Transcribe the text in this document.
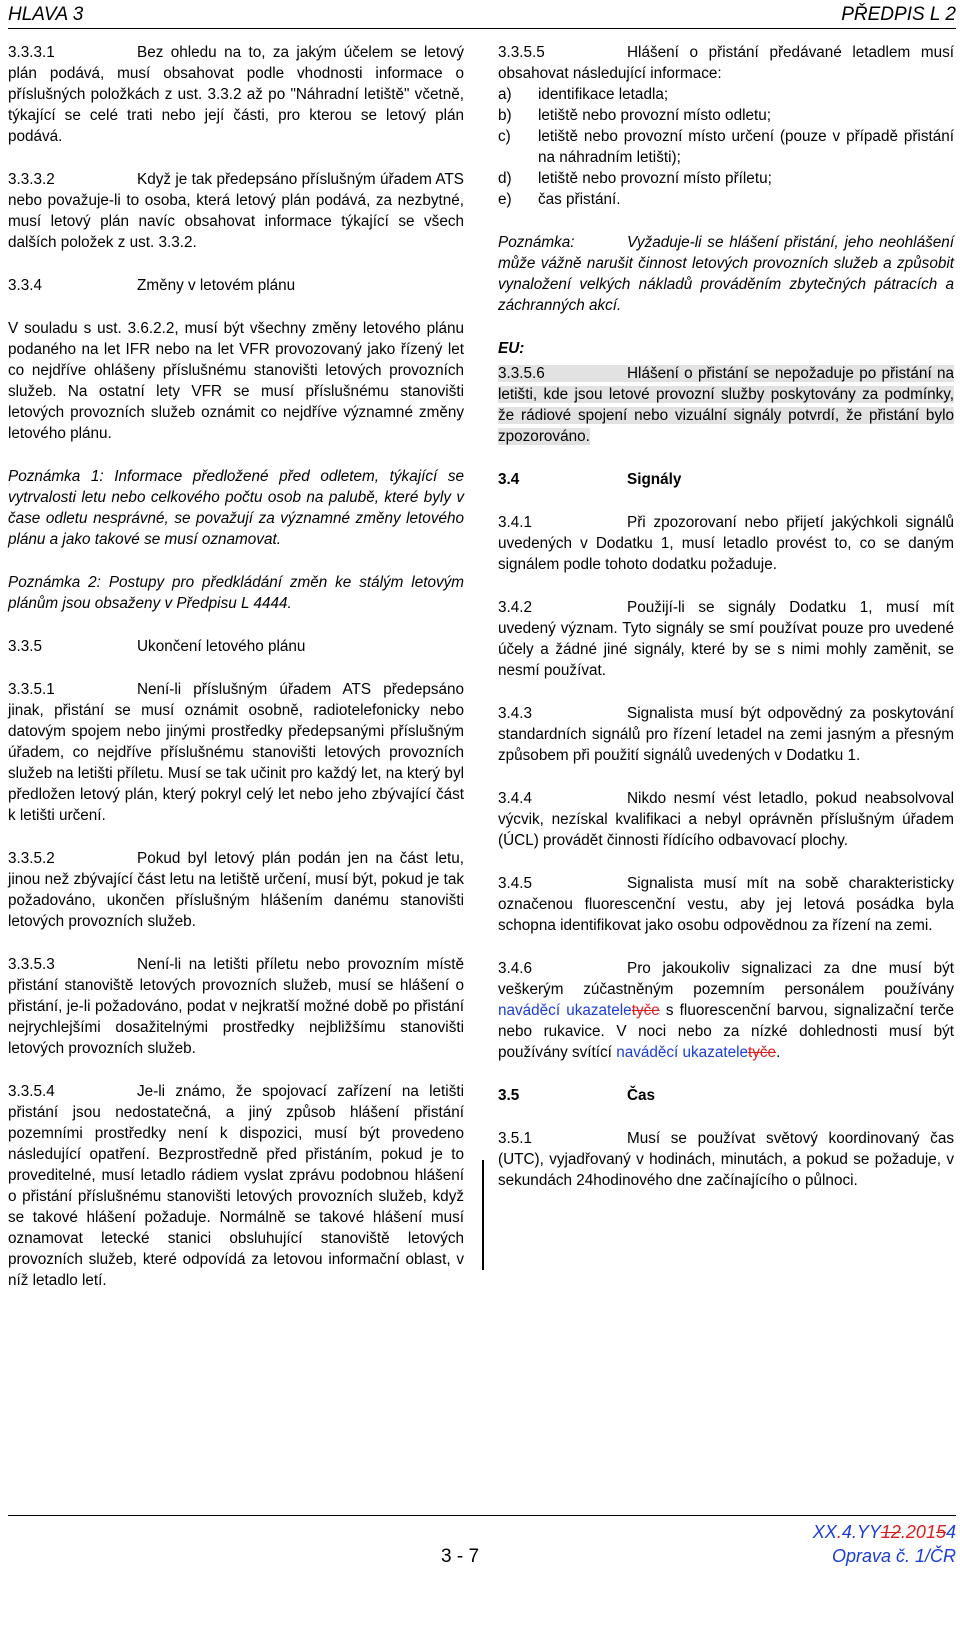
HLAVA 3	PŘEDPIS L 2

3.3.3.1	Bez ohledu na to, za jakým účelem se letový plán podává, musí obsahovat podle vhodnosti informace o příslušných položkách z ust. 3.3.2 až po "Náhradní letiště" včetně, týkající se celé trati nebo její části, pro kterou se letový plán podává.

3.3.3.2	Když je tak předepsáno příslušným úřadem ATS nebo považuje-li to osoba, která letový plán podává, za nezbytné, musí letový plán navíc obsahovat informace týkající se všech dalších položek z ust. 3.3.2.

3.3.4	Změny v letovém plánu

V souladu s ust. 3.6.2.2, musí být všechny změny letového plánu podaného na let IFR nebo na let VFR provozovaný jako řízený let co nejdříve ohlášeny příslušnému stanovišti letových provozních služeb. Na ostatní lety VFR se musí příslušnému stanovišti letových provozních služeb oznámit co nejdříve významné změny letového plánu.

Poznámka 1: Informace předložené před odletem, týkající se vytrvalosti letu nebo celkového počtu osob na palubě, které byly v čase odletu nesprávné, se považují za významné změny letového plánu a jako takové se musí oznamovat.

Poznámka 2: Postupy pro předkládání změn ke stálým letovým plánům jsou obsaženy v Předpisu L 4444.

3.3.5	Ukončení letového plánu

3.3.5.1	Není-li příslušným úřadem ATS předepsáno jinak, přistání se musí oznámit osobně, radiotelefonicky nebo datovým spojem nebo jinými prostředky předepsanými příslušným úřadem, co nejdříve příslušnému stanovišti letových provozních služeb na letišti příletu. Musí se tak učinit pro každý let, na který byl předložen letový plán, který pokryl celý let nebo jeho zbývající část k letišti určení.

3.3.5.2	Pokud byl letový plán podán jen na část letu, jinou než zbývající část letu na letiště určení, musí být, pokud je tak požadováno, ukončen příslušným hlášením danému stanovišti letových provozních služeb.

3.3.5.3	Není-li na letišti příletu nebo provozním místě přistání stanoviště letových provozních služeb, musí se hlášení o přistání, je-li požadováno, podat v nejkratší možné době po přistání nejrychlejšími dosažitelnými prostředky nejbližšímu stanovišti letových provozních služeb.

3.3.5.4	Je-li známo, že spojovací zařízení na letišti přistání jsou nedostatečná, a jiný způsob hlášení přistání pozemními prostředky není k dispozici, musí být provedeno následující opatření. Bezprostředně před přistáním, pokud je to proveditelné, musí letadlo rádiem vyslat zprávu podobnou hlášení o přistání příslušnému stanovišti letových provozních služeb, když se takové hlášení požaduje. Normálně se takové hlášení musí oznamovat letecké stanici obsluhující stanoviště letových provozních služeb, které odpovídá za letovou informační oblast, v níž letadlo letí.

3.3.5.5	Hlášení o přistání předávané letadlem musí obsahovat následující informace:

a)	identifikace letadla;
b)	letiště nebo provozní místo odletu;
c)	letiště nebo provozní místo určení (pouze v případě přistání na náhradním letišti);
d)	letiště nebo provozní místo příletu;
e)	čas přistání.

Poznámka:	Vyžaduje-li se hlášení přistání, jeho neohlášení může vážně narušit činnost letových provozních služeb a způsobit vynaložení velkých nákladů prováděním zbytečných pátracích a záchranných akcí.

EU:

3.3.5.6	Hlášení o přistání se nepožaduje po přistání na letišti, kde jsou letové provozní služby poskytovány za podmínky, že rádiové spojení nebo vizuální signály potvrdí, že přistání bylo zpozorováno.

3.4	Signály

3.4.1	Při zpozorovaní nebo přijetí jakýchkoli signálů uvedených v Dodatku 1, musí letadlo provést to, co se daným signálem podle tohoto dodatku požaduje.

3.4.2	Použijí-li se signály Dodatku 1, musí mít uvedený význam. Tyto signály se smí používat pouze pro uvedené účely a žádné jiné signály, které by se s nimi mohly zaměnit, se nesmí používat.

3.4.3	Signalista musí být odpovědný za poskytování standardních signálů pro řízení letadel na zemi jasným a přesným způsobem při použití signálů uvedených v Dodatku 1.

3.4.4	Nikdo nesmí vést letadlo, pokud neabsolvoval výcvik, nezískal kvalifikaci a nebyl oprávněn příslušným úřadem (ÚCL) provádět činnosti řídícího odbavovací plochy.

3.4.5	Signalista musí mít na sobě charakteristicky označenou fluorescenční vestu, aby jej letová posádka byla schopna identifikovat jako osobu odpovědnou za řízení na zemi.

3.4.6	Pro jakoukoliv signalizaci za dne musí být veškerým zúčastněným pozemním personálem používány naváděcí ukazateletyče s fluorescenční barvou, signalizační terče nebo rukavice. V noci nebo za nízké dohlednosti musí být používány svítící naváděcí ukazateletyče.

3.5	Čas

3.5.1	Musí se používat světový koordinovaný čas (UTC), vyjadřovaný v hodinách, minutách, a pokud se požaduje, v sekundách 24hodinového dne začínajícího o půlnoci.

3 - 7
XX.4.YY12.20154
Oprava č. 1/ČR
